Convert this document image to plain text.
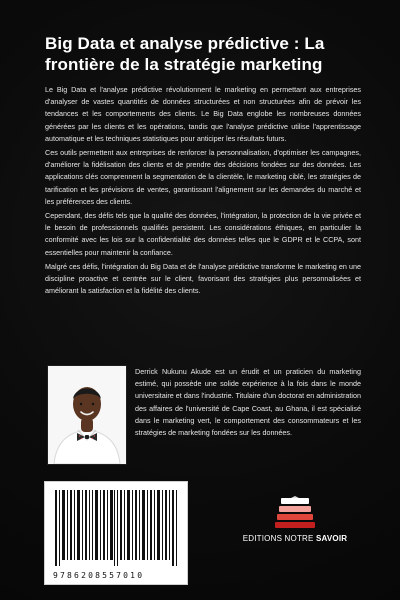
Big Data et analyse prédictive : La
frontière de la stratégie marketing

Le Big Data et l'analyse prédictive révolutionnent le marketing en permettant aux entreprises d'analyser de vastes quantités de données structurées et non structurées afin de prévoir les tendances et les comportements des clients. Le Big Data englobe les nombreuses données générées par les clients et les opérations, tandis que l'analyse prédictive utilise l'apprentissage automatique et les techniques statistiques pour anticiper les résultats futurs.

Ces outils permettent aux entreprises de renforcer la personnalisation, d'optimiser les campagnes, d'améliorer la fidélisation des clients et de prendre des décisions fondées sur des données. Les applications clés comprennent la segmentation de la clientèle, le marketing ciblé, les stratégies de tarification et les prévisions de ventes, garantissant l'alignement sur les demandes du marché et les préférences des clients.

Cependant, des défis tels que la qualité des données, l'intégration, la protection de la vie privée et le besoin de professionnels qualifiés persistent. Les considérations éthiques, en particulier la conformité avec les lois sur la confidentialité des données telles que le GDPR et le CCPA, sont essentielles pour maintenir la confiance.

Malgré ces défis, l'intégration du Big Data et de l'analyse prédictive transforme le marketing en une discipline proactive et centrée sur le client, favorisant des stratégies plus personnalisées et améliorant la satisfaction et la fidélité des clients.

Derrick Nukunu Akude est un érudit et un praticien du marketing estimé, qui possède une solide expérience à la fois dans le monde universitaire et dans l'industrie. Titulaire d'un doctorat en administration des affaires de l'université de Cape Coast, au Ghana, il est spécialisé dans le marketing vert, le comportement des consommateurs et les stratégies de marketing fondées sur les données.
9786208557010
EDITIONS NOTRE SAVOIR
